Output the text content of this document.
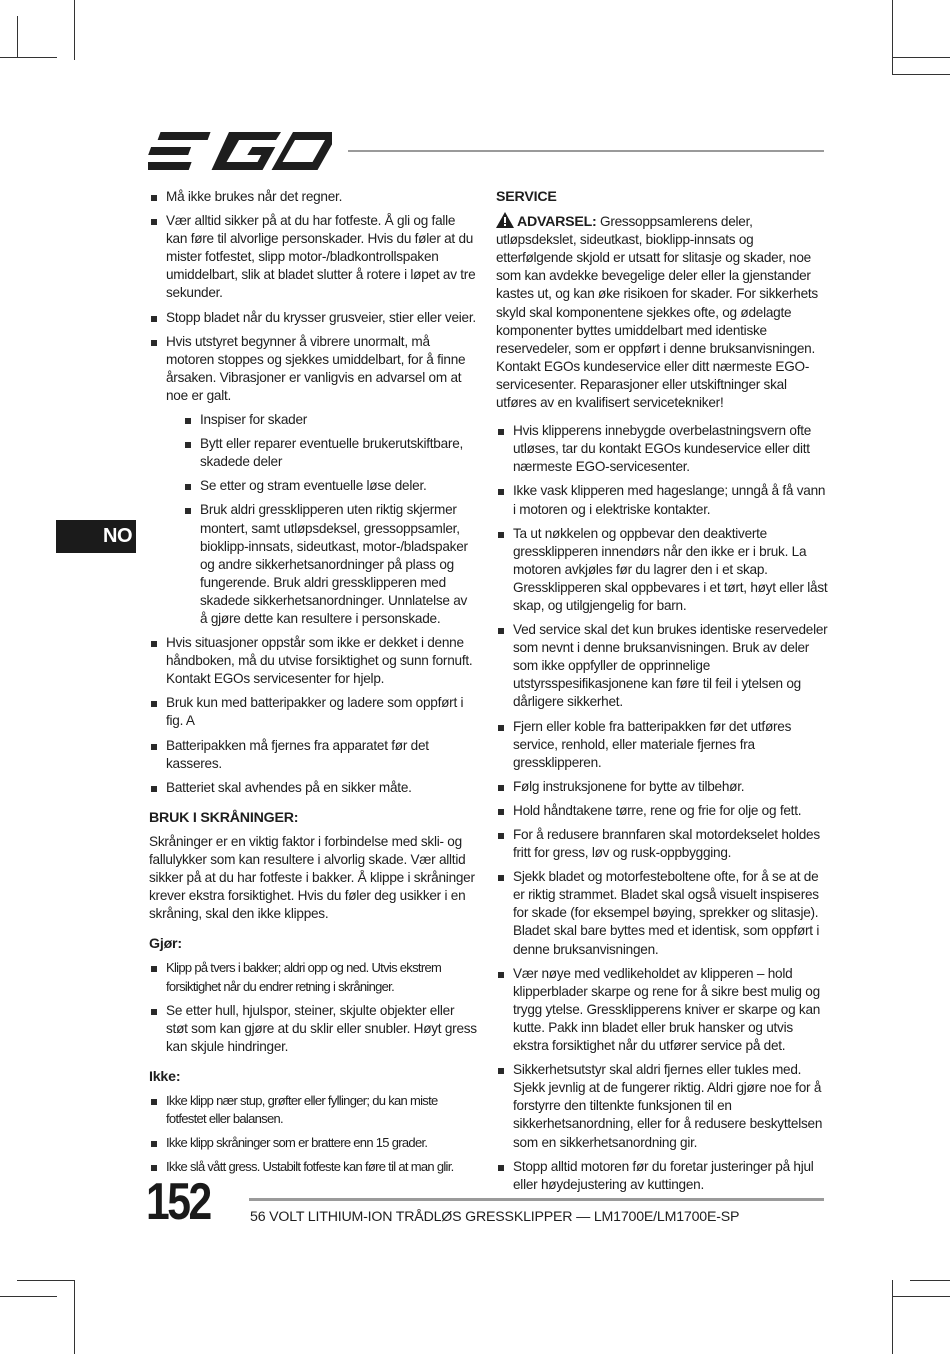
NO
Må ikke brukes når det regner.
Vær alltid sikker på at du har fotfeste. Å gli og falle kan føre til alvorlige personskader. Hvis du føler at du mister fotfestet, slipp motor-/bladkontrollspaken umiddelbart, slik at bladet slutter å rotere i løpet av tre sekunder.
Stopp bladet når du krysser grusveier, stier eller veier.
Hvis utstyret begynner å vibrere unormalt, må motoren stoppes og sjekkes umiddelbart, for å finne årsaken. Vibrasjoner er vanligvis en advarsel om at noe er galt.
Inspiser for skader
Bytt eller reparer eventuelle brukerutskiftbare, skadede deler
Se etter og stram eventuelle løse deler.
Bruk aldri gressklipperen uten riktig skjermer montert, samt utløpsdeksel, gressoppsamler, bioklipp-innsats, sideutkast, motor-/bladspaker og andre sikkerhetsanordninger på plass og fungerende. Bruk aldri gressklipperen med skadede sikkerhetsanordninger. Unnlatelse av å gjøre dette kan resultere i personskade.
Hvis situasjoner oppstår som ikke er dekket i denne håndboken, må du utvise forsiktighet og sunn fornuft. Kontakt EGOs servicesenter for hjelp.
Bruk kun med batteripakker og ladere som oppført i fig. A
Batteripakken må fjernes fra apparatet før det kasseres.
Batteriet skal avhendes på en sikker måte.
BRUK I SKRÅNINGER:

Skråninger er en viktig faktor i forbindelse med skli- og fallulykker som kan resultere i alvorlig skade. Vær alltid sikker på at du har fotfeste i bakker. Å klippe i skråninger krever ekstra forsiktighet. Hvis du føler deg usikker i en skråning, skal den ikke klippes.

Gjør:
Klipp på tvers i bakker; aldri opp og ned. Utvis ekstrem forsiktighet når du endrer retning i skråninger.
Se etter hull, hjulspor, steiner, skjulte objekter eller støt som kan gjøre at du sklir eller snubler. Høyt gress kan skjule hindringer.
Ikke:
Ikke klipp nær stup, grøfter eller fyllinger; du kan miste fotfestet eller balansen.
Ikke klipp skråninger som er brattere enn 15 grader.
Ikke slå vått gress. Ustabilt fotfeste kan føre til at man glir.
SERVICE

ADVARSEL: Gressoppsamlerens deler, utløpsdekslet, sideutkast, bioklipp-innsats og etterfølgende skjold er utsatt for slitasje og skader, noe som kan avdekke bevegelige deler eller la gjenstander kastes ut, og kan øke risikoen for skader. For sikkerhets skyld skal komponentene sjekkes ofte, og ødelagte komponenter byttes umiddelbart med identiske reservedeler, som er oppført i denne bruksanvisningen. Kontakt EGOs kundeservice eller ditt nærmeste EGO-servicesenter. Reparasjoner eller utskiftninger skal utføres av en kvalifisert servicetekniker!

Hvis klipperens innebygde overbelastningsvern ofte utløses, tar du kontakt EGOs kundeservice eller ditt nærmeste EGO-servicesenter.
Ikke vask klipperen med hageslange; unngå å få vann i motoren og i elektriske kontakter.
Ta ut nøkkelen og oppbevar den deaktiverte gressklipperen innendørs når den ikke er i bruk. La motoren avkjøles før du lagrer den i et skap. Gressklipperen skal oppbevares i et tørt, høyt eller låst skap, og utilgjengelig for barn.
Ved service skal det kun brukes identiske reservedeler som nevnt i denne bruksanvisningen. Bruk av deler som ikke oppfyller de opprinnelige utstyrsspesifikasjonene kan føre til feil i ytelsen og dårligere sikkerhet.
Fjern eller koble fra batteripakken før det utføres service, renhold, eller materiale fjernes fra gressklipperen.
Følg instruksjonene for bytte av tilbehør.
Hold håndtakene tørre, rene og frie for olje og fett.
For å redusere brannfaren skal motordekselet holdes fritt for gress, løv og rusk-oppbygging.
Sjekk bladet og motorfesteboltene ofte, for å se at de er riktig strammet. Bladet skal også visuelt inspiseres for skade (for eksempel bøying, sprekker og slitasje). Bladet skal bare byttes med et identisk, som oppført i denne bruksanvisningen.
Vær nøye med vedlikeholdet av klipperen – hold klipperblader skarpe og rene for å sikre best mulig og trygg ytelse. Gressklipperens kniver er skarpe og kan kutte. Pakk inn bladet eller bruk hansker og utvis ekstra forsiktighet når du utfører service på det.
Sikkerhetsutstyr skal aldri fjernes eller tukles med. Sjekk jevnlig at de fungerer riktig. Aldri gjøre noe for å forstyrre den tiltenkte funksjonen til en sikkerhetsanordning, eller for å redusere beskyttelsen som en sikkerhetsanordning gir.
Stopp alltid motoren før du foretar justeringer på hjul eller høydejustering av kuttingen.
152	56 VOLT LITHIUM-ION TRÅDLØS GRESSKLIPPER — LM1700E/LM1700E-SP
